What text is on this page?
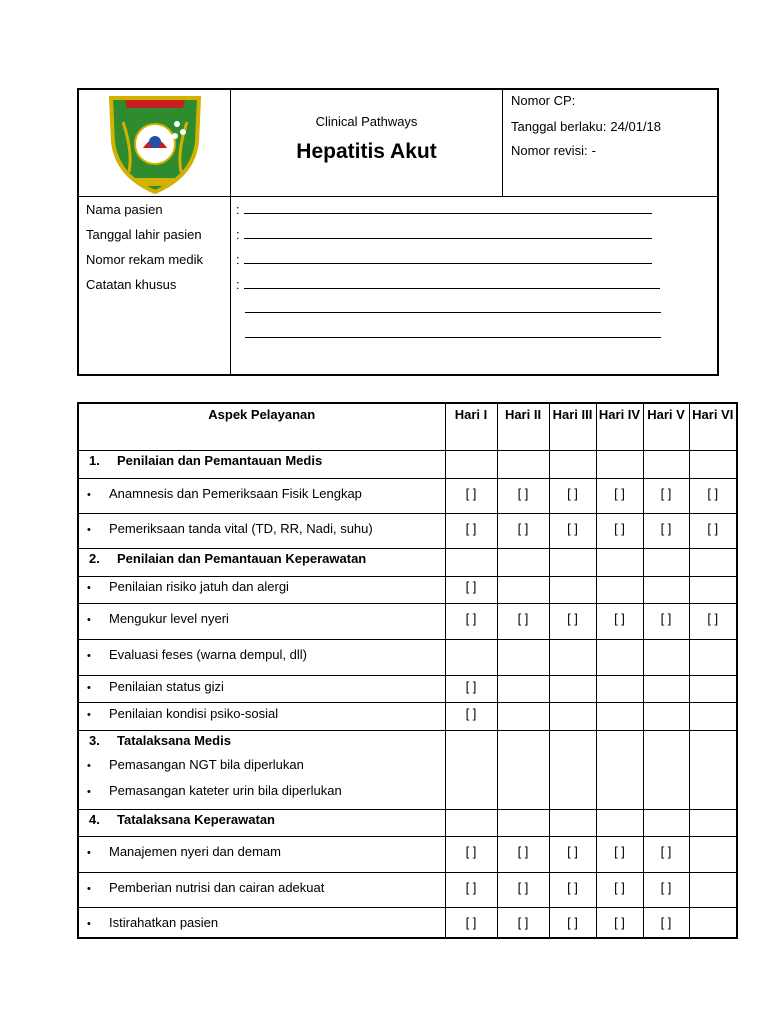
Clinical Pathways
Hepatitis Akut
Nomor CP:
Tanggal berlaku: 24/01/18
Nomor revisi: -
Nama pasien
Tanggal lahir pasien
Nomor rekam medik
Catatan khusus
:
:
:
:
Aspek Pelayanan	Hari I	Hari II	Hari III	Hari IV	Hari V	Hari VI
1. Penilaian dan Pemantauan Medis						
• Anamnesis dan Pemeriksaan Fisik Lengkap	[ ]	[ ]	[ ]	[ ]	[ ]	[ ]
• Pemeriksaan tanda vital (TD, RR, Nadi, suhu)	[ ]	[ ]	[ ]	[ ]	[ ]	[ ]
2. Penilaian dan Pemantauan Keperawatan						
• Penilaian risiko jatuh dan alergi	[ ]					
• Mengukur level nyeri	[ ]	[ ]	[ ]	[ ]	[ ]	[ ]
• Evaluasi feses (warna dempul, dll)						
• Penilaian status gizi	[ ]					
• Penilaian kondisi psiko-sosial	[ ]					

3. Tatalaksana Medis
• Pemasangan NGT bila diperlukan
• Pemasangan kateter urin bila diperlukan						

4. Tatalaksana Keperawatan						
• Manajemen nyeri dan demam	[ ]	[ ]	[ ]	[ ]	[ ]	
• Pemberian nutrisi dan cairan adekuat	[ ]	[ ]	[ ]	[ ]	[ ]	
• Istirahatkan pasien	[ ]	[ ]	[ ]	[ ]	[ ]	
